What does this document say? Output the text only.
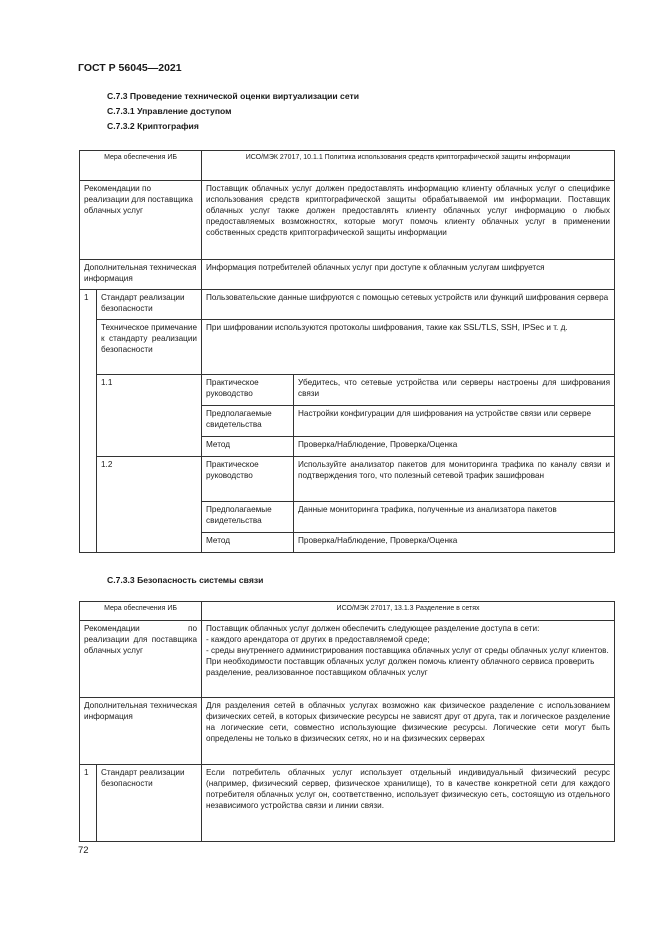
ГОСТ Р 56045—2021
С.7.3 Проведение технической оценки виртуализации сети
С.7.3.1 Управление доступом
С.7.3.2 Криптография
Мера обеспечения ИБ		ИСО/МЭК 27017, 10.1.1 Политика использования средств криптографической защиты информации	
Рекомендации по реализации для поставщика облачных услуг		Поставщик облачных услуг должен предоставлять информацию клиенту облачных услуг о специфике использования средств криптографической защиты обрабатываемой им информации. Поставщик облачных услуг также должен предоставлять клиенту облачных услуг информацию о любых предоставляемых возможностях, которые могут помочь клиенту облачных услуг в применении собственных средств криптографической защиты информации	
Дополнительная техническая информация		Информация потребителей облачных услуг при доступе к облачным услугам шифруется	
1	Стандарт реализации безопасности	Пользовательские данные шифруются с помощью сетевых устройств или функций шифрования сервера	
	Техническое примечание к стандарту реализации безопасности	При шифровании используются протоколы шифрования, такие как SSL/TLS, SSH, IPSec и т. д.	
	1.1	Практическое руководство	Убедитесь, что сетевые устройства или серверы настроены для шифрования связи
		Предполагаемые свидетельства	Настройки конфигурации для шифрования на устройстве связи или сервере
		Метод	Проверка/Наблюдение, Проверка/Оценка
	1.2	Практическое руководство	Используйте анализатор пакетов для мониторинга трафика по каналу связи и подтверждения того, что полезный сетевой трафик зашифрован
		Предполагаемые свидетельства	Данные мониторинга трафика, полученные из анализатора пакетов
		Метод	Проверка/Наблюдение, Проверка/Оценка
С.7.3.3 Безопасность системы связи
Мера обеспечения ИБ		ИСО/МЭК 27017, 13.1.3 Разделение в сетях
Рекомендации по реализации для поставщика облачных услуг		Поставщик облачных услуг должен обеспечить следующее разделение доступа в сети:
- каждого арендатора от других в предоставляемой среде;
- среды внутреннего администрирования поставщика облачных услуг от среды облачных услуг клиентов.
При необходимости поставщик облачных услуг должен помочь клиенту облачного сервиса проверить разделение, реализованное поставщиком облачных услуг

Дополнительная техническая информация		Для разделения сетей в облачных услугах возможно как физическое разделение с использованием физических сетей, в которых физические ресурсы не зависят друг от друга, так и логическое разделение на логические сети, совместно использующие физические ресурсы. Логические сети могут быть определены не только в физических сетях, но и на физических серверах
1	Стандарт реализации безопасности	Если потребитель облачных услуг использует отдельный индивидуальный физический ресурс (например, физический сервер, физическое хранилище), то в качестве конкретной сети для каждого потребителя облачных услуг он, соответственно, использует физическую сеть, состоящую из отдельного независимого устройства связи и линии связи.
72
